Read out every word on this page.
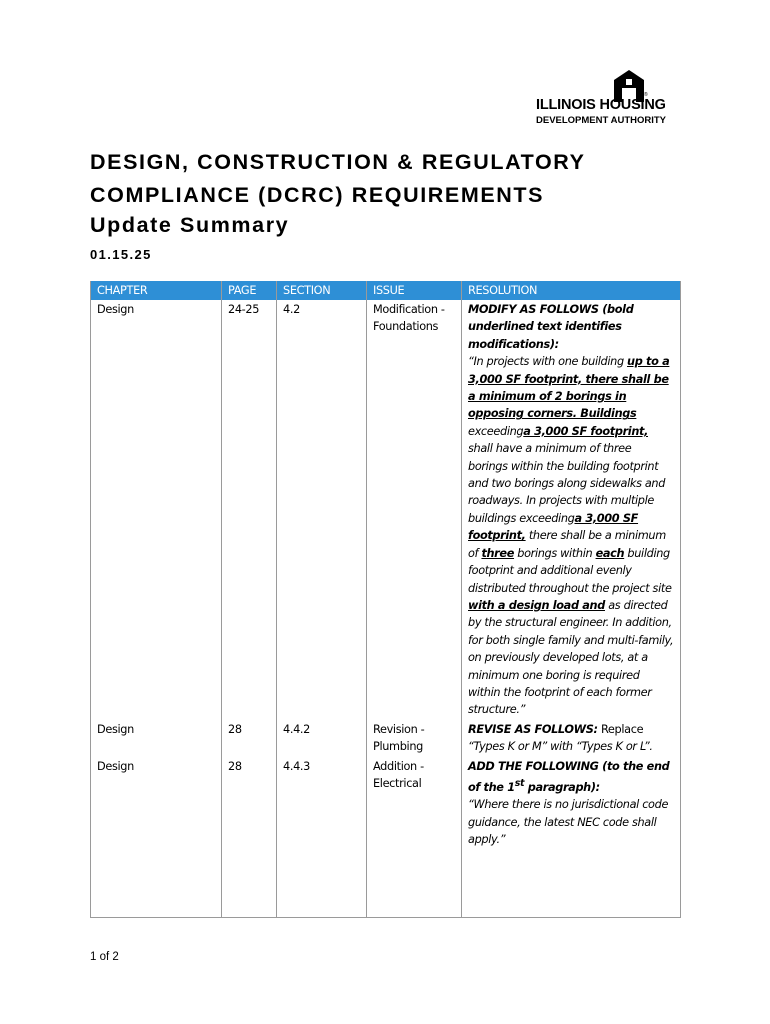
®
ILLINOIS HOUSING
DEVELOPMENT AUTHORITY
DESIGN, CONSTRUCTION & REGULATORY
COMPLIANCE (DCRC) REQUIREMENTS
Update Summary
01.15.25
CHAPTER	PAGE	SECTION	ISSUE	RESOLUTION
Design	24-25	4.2	Modification - Foundations	MODIFY AS FOLLOWS (bold underlined text identifies modifications):
“In projects with one building up to a 3,000 SF footprint, there shall be a minimum of 2 borings in opposing corners. Buildings exceedinga 3,000 SF footprint, shall have a minimum of three borings within the building footprint and two borings along sidewalks and roadways. In projects with multiple buildings exceedinga 3,000 SF footprint, there shall be a minimum of three borings within each building footprint and additional evenly distributed throughout the project site with a design load and as directed by the structural engineer. In addition, for both single family and multi-family, on previously developed lots, at a minimum one boring is required within the footprint of each former structure.”
Design	28	4.4.2	Revision - Plumbing	REVISE AS FOLLOWS: Replace
“Types K or M” with “Types K or L”.
Design	28	4.4.3	Addition - Electrical	ADD THE FOLLOWING (to the end of the 1st paragraph):
“Where there is no jurisdictional code guidance, the latest NEC code shall apply.”
1 of 2
